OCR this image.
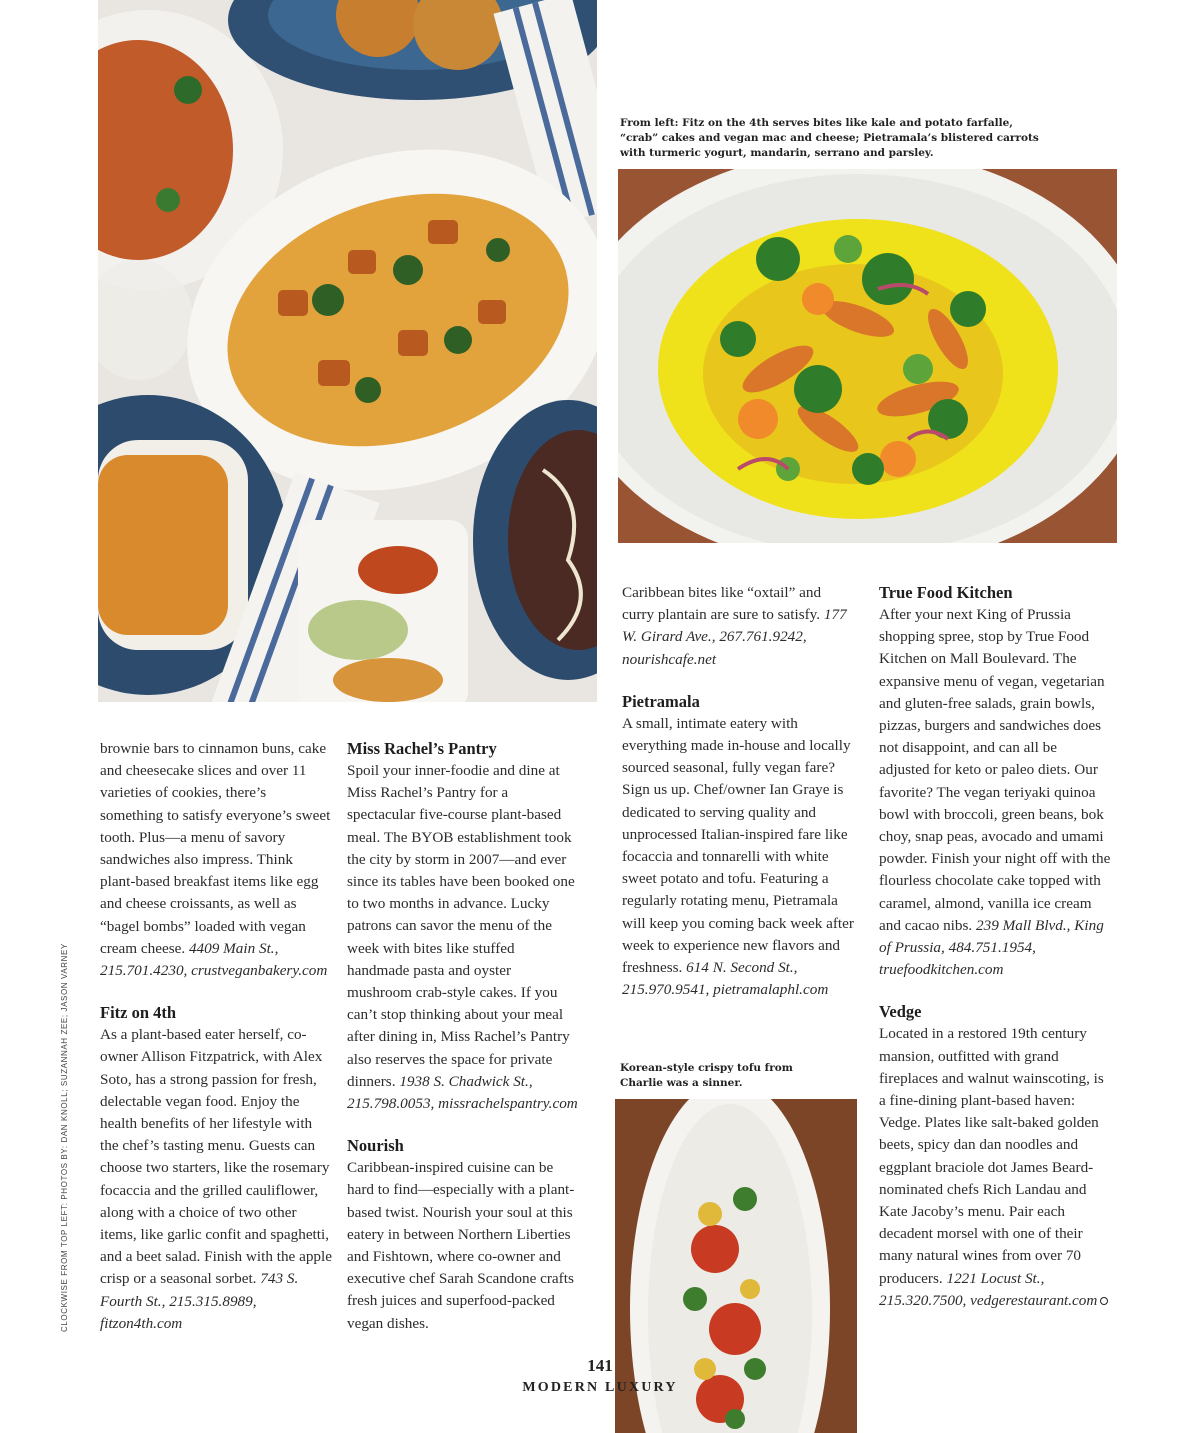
From left: Fitz on the 4th serves bites like kale and potato farfalle, “crab” cakes and vegan mac and cheese; Pietramala’s blistered carrots with turmeric yogurt, mandarin, serrano and parsley.
Korean-style crispy tofu from Charlie was a sinner.

brownie bars to cinnamon buns, cake and cheesecake slices and over 11 varieties of cookies, there’s something to satisfy everyone’s sweet tooth. Plus—a menu of savory sandwiches also impress. Think plant-based breakfast items like egg and cheese croissants, as well as “bagel bombs” loaded with vegan cream cheese. 4409 Main St., 215.701.4230, crustveganbakery.com

Fitz on 4th

As a plant-based eater herself, co-owner Allison Fitzpatrick, with Alex Soto, has a strong passion for fresh, delectable vegan food. Enjoy the health benefits of her lifestyle with the chef’s tasting menu. Guests can choose two starters, like the rosemary focaccia and the grilled cauliflower, along with a choice of two other items, like garlic confit and spaghetti, and a beet salad. Finish with the apple crisp or a seasonal sorbet. 743 S. Fourth St., 215.315.8989, fitzon4th.com

Miss Rachel’s Pantry

Spoil your inner-foodie and dine at Miss Rachel’s Pantry for a spectacular five-course plant-based meal. The BYOB establishment took the city by storm in 2007—and ever since its tables have been booked one to two months in advance. Lucky patrons can savor the menu of the week with bites like stuffed handmade pasta and oyster mushroom crab-style cakes. If you can’t stop thinking about your meal after dining in, Miss Rachel’s Pantry also reserves the space for private dinners. 1938 S. Chadwick St., 215.798.0053, missrachelspantry.com

Nourish

Caribbean-inspired cuisine can be hard to find—especially with a plant-based twist. Nourish your soul at this eatery in between Northern Liberties and Fishtown, where co-owner and executive chef Sarah Scandone crafts fresh juices and superfood-packed vegan dishes.

Caribbean bites like “oxtail” and curry plantain are sure to satisfy. 177 W. Girard Ave., 267.761.9242, nourishcafe.net

Pietramala

A small, intimate eatery with everything made in-house and locally sourced seasonal, fully vegan fare? Sign us up. Chef/owner Ian Graye is dedicated to serving quality and unprocessed Italian-inspired fare like focaccia and tonnarelli with white sweet potato and tofu. Featuring a regularly rotating menu, Pietramala will keep you coming back week after week to experience new flavors and freshness. 614 N. Second St., 215.970.9541, pietramalaphl.com

True Food Kitchen

After your next King of Prussia shopping spree, stop by True Food Kitchen on Mall Boulevard. The expansive menu of vegan, vegetarian and gluten-free salads, grain bowls, pizzas, burgers and sandwiches does not disappoint, and can all be adjusted for keto or paleo diets. Our favorite? The vegan teriyaki quinoa bowl with broccoli, green beans, bok choy, snap peas, avocado and umami powder. Finish your night off with the flourless chocolate cake topped with caramel, almond, vanilla ice cream and cacao nibs. 239 Mall Blvd., King of Prussia, 484.751.1954, truefoodkitchen.com

Vedge

Located in a restored 19th century mansion, outfitted with grand fireplaces and walnut wainscoting, is a fine-dining plant-based haven: Vedge. Plates like salt-baked golden beets, spicy dan dan noodles and eggplant braciole dot James Beard-nominated chefs Rich Landau and Kate Jacoby’s menu. Pair each decadent morsel with one of their many natural wines from over 70 producers. 1221 Locust St., 215.320.7500, vedgerestaurant.com

CLOCKWISE FROM TOP LEFT: PHOTOS BY: DAN KNOLL; SUZANNAH ZEE; JASON VARNEY
141
MODERN LUXURY
